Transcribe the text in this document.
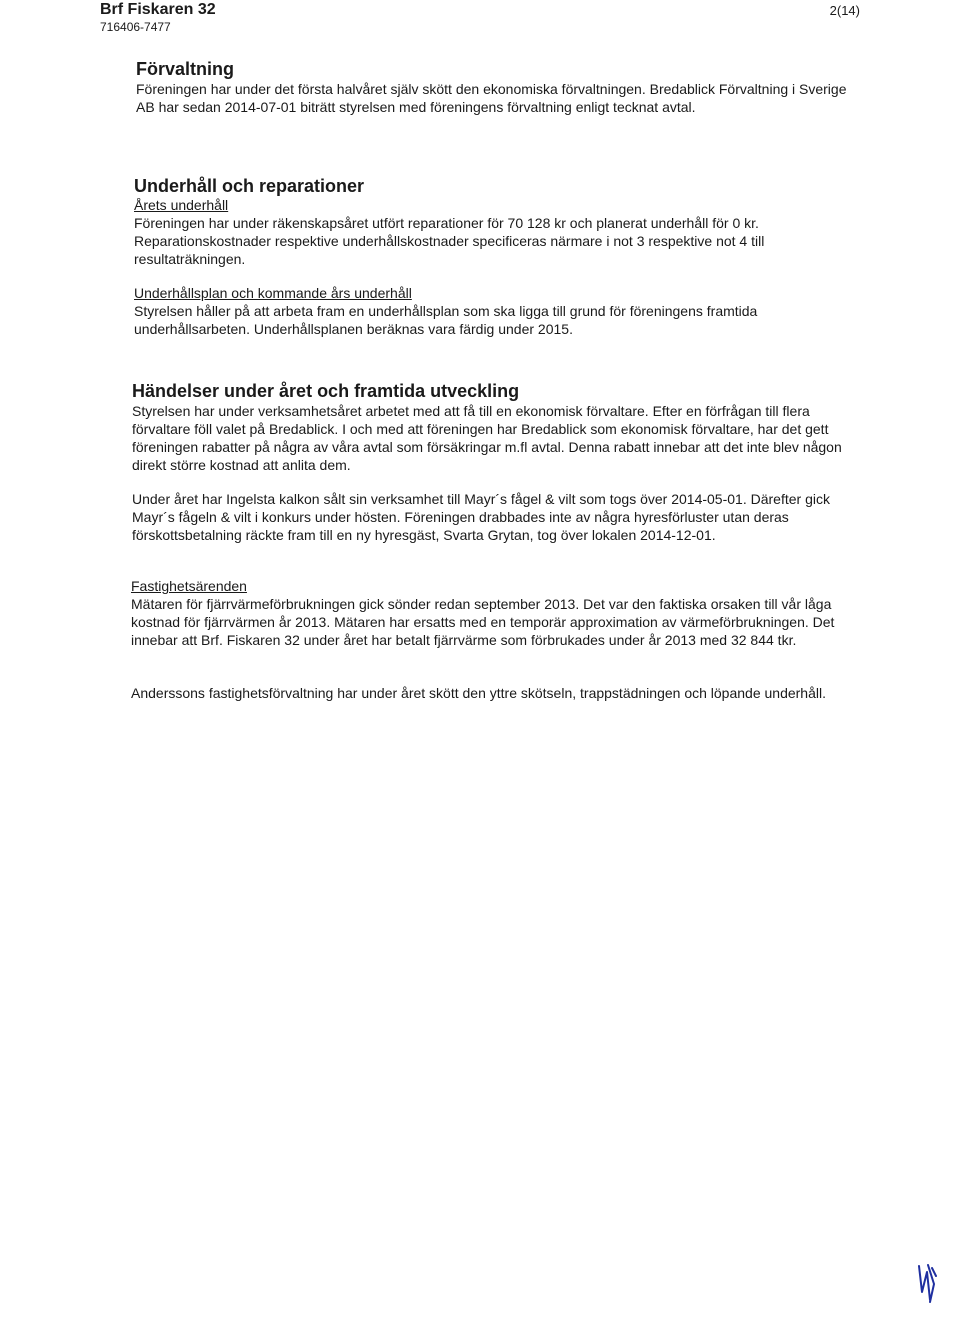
Brf Fiskaren 32
716406-7477
2(14)
Förvaltning

Föreningen har under det första halvåret själv skött den ekonomiska förvaltningen. Bredablick Förvaltning i Sverige AB har sedan 2014-07-01 biträtt styrelsen med föreningens förvaltning enligt tecknat avtal.

Underhåll och reparationer
Årets underhåll

Föreningen har under räkenskapsåret utfört reparationer för 70 128 kr och planerat underhåll för 0 kr. Reparationskostnader respektive underhållskostnader specificeras närmare i not 3 respektive not 4 till resultaträkningen.

Underhållsplan och kommande års underhåll

Styrelsen håller på att arbeta fram en underhållsplan som ska ligga till grund för föreningens framtida underhållsarbeten. Underhållsplanen beräknas vara färdig under 2015.

Händelser under året och framtida utveckling

Styrelsen har under verksamhetsåret arbetet med att få till en ekonomisk förvaltare. Efter en förfrågan till flera förvaltare föll valet på Bredablick. I och med att föreningen har Bredablick som ekonomisk förvaltare, har det gett föreningen rabatter på några av våra avtal som försäkringar m.fl avtal. Denna rabatt innebar att det inte blev någon direkt större kostnad att anlita dem.

Under året har Ingelsta kalkon sålt sin verksamhet till Mayr´s fågel & vilt som togs över 2014-05-01. Därefter gick Mayr´s fågeln & vilt i konkurs under hösten. Föreningen drabbades inte av några hyresförluster utan deras förskottsbetalning räckte fram till en ny hyresgäst, Svarta Grytan, tog över lokalen 2014-12-01.

Fastighetsärenden

Mätaren för fjärrvärmeförbrukningen gick sönder redan september 2013. Det var den faktiska orsaken till vår låga kostnad för fjärrvärmen år 2013. Mätaren har ersatts med en temporär approximation av värmeförbrukningen. Det innebar att Brf. Fiskaren 32 under året har betalt fjärrvärme som förbrukades under år 2013 med 32 844 tkr.

Anderssons fastighetsförvaltning har under året skött den yttre skötseln, trappstädningen och löpande underhåll.
